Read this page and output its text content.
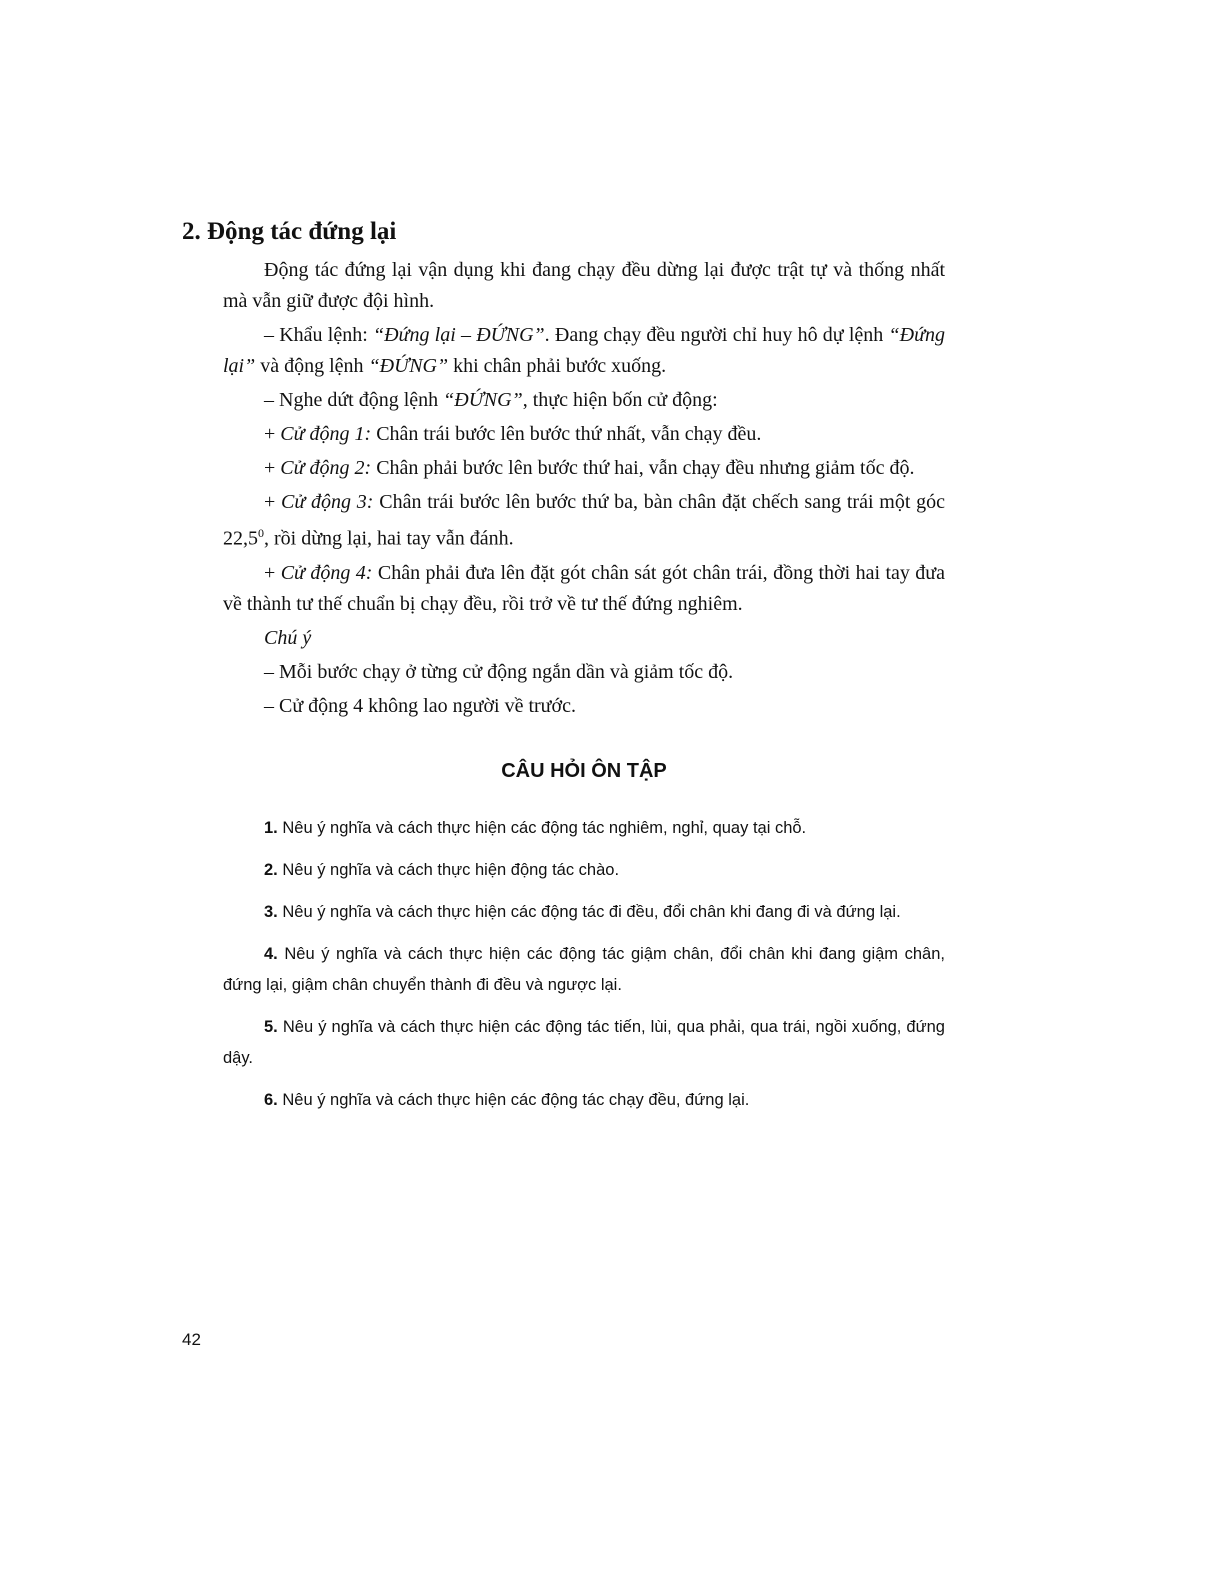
2. Động tác đứng lại

Động tác đứng lại vận dụng khi đang chạy đều dừng lại được trật tự và thống nhất mà vẫn giữ được đội hình.

– Khẩu lệnh: “Đứng lại – ĐỨNG”. Đang chạy đều người chỉ huy hô dự lệnh “Đứng lại” và động lệnh “ĐỨNG” khi chân phải bước xuống.

– Nghe dứt động lệnh “ĐỨNG”, thực hiện bốn cử động:

+ Cử động 1: Chân trái bước lên bước thứ nhất, vẫn chạy đều.

+ Cử động 2: Chân phải bước lên bước thứ hai, vẫn chạy đều nhưng giảm tốc độ.

+ Cử động 3: Chân trái bước lên bước thứ ba, bàn chân đặt chếch sang trái một góc 22,5$^0$, rồi dừng lại, hai tay vẫn đánh.

+ Cử động 4: Chân phải đưa lên đặt gót chân sát gót chân trái, đồng thời hai tay đưa về thành tư thế chuẩn bị chạy đều, rồi trở về tư thế đứng nghiêm.

Chú ý

– Mỗi bước chạy ở từng cử động ngắn dần và giảm tốc độ.

– Cử động 4 không lao người về trước.

CÂU HỎI ÔN TẬP

1. Nêu ý nghĩa và cách thực hiện các động tác nghiêm, nghỉ, quay tại chỗ.

2. Nêu ý nghĩa và cách thực hiện động tác chào.

3. Nêu ý nghĩa và cách thực hiện các động tác đi đều, đổi chân khi đang đi và đứng lại.

4. Nêu ý nghĩa và cách thực hiện các động tác giậm chân, đổi chân khi đang giậm chân, đứng lại, giậm chân chuyển thành đi đều và ngược lại.

5. Nêu ý nghĩa và cách thực hiện các động tác tiến, lùi, qua phải, qua trái, ngồi xuống, đứng dậy.

6. Nêu ý nghĩa và cách thực hiện các động tác chạy đều, đứng lại.

42
